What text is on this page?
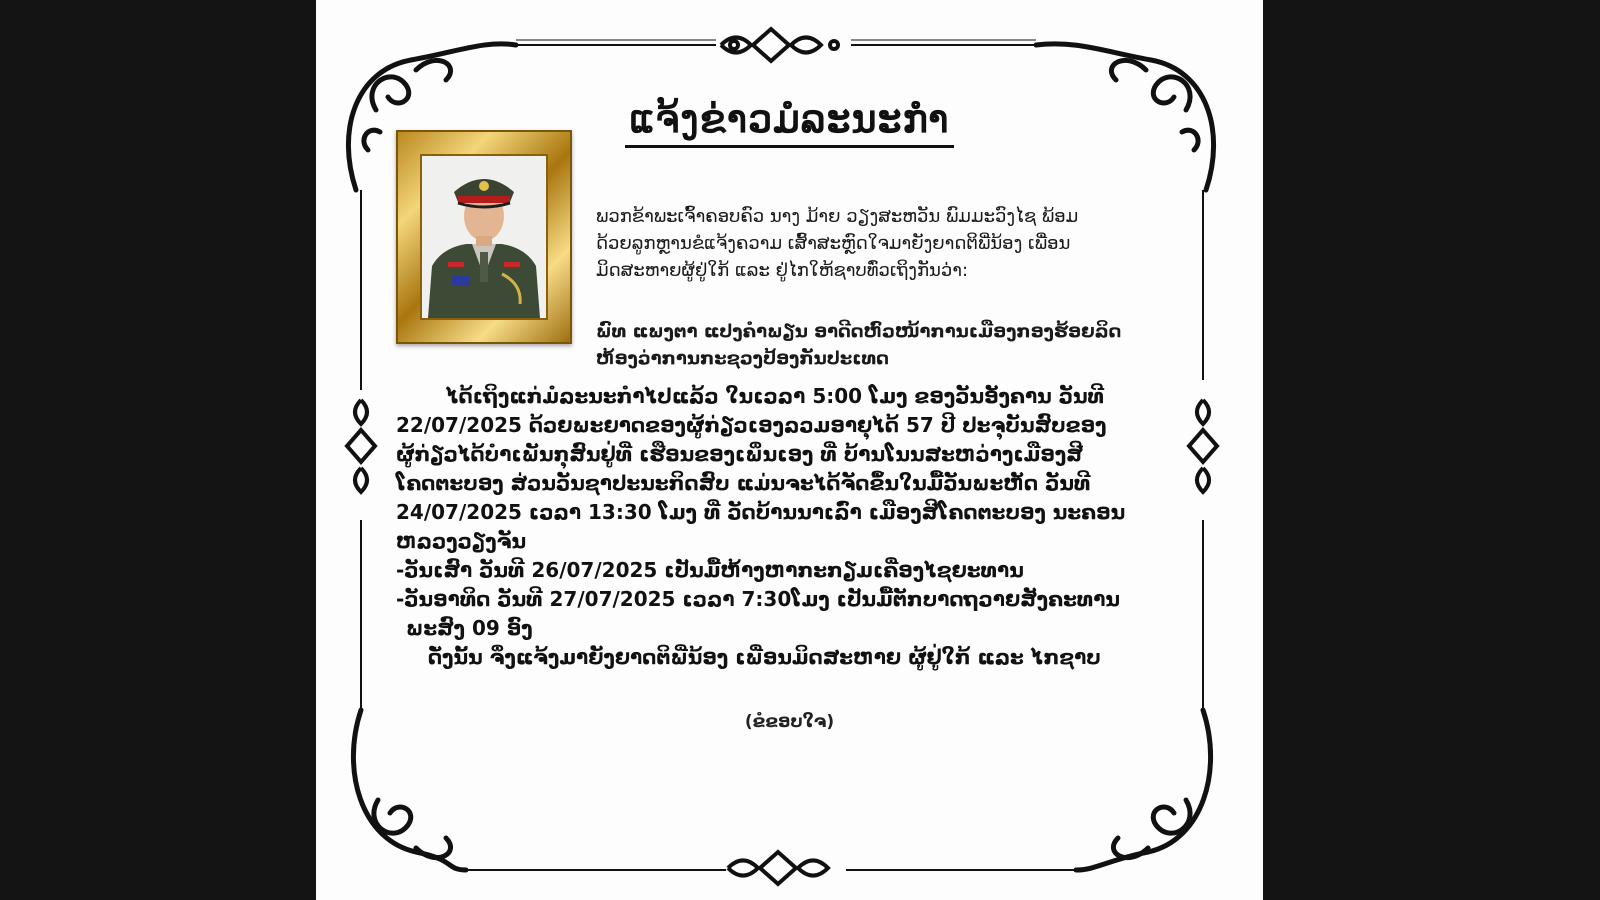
ແຈ້ງຂ່າວມໍລະນະກຳ
ພວກຂ້າພະເຈົ້າຄອບຄົວ ນາງ ມ້າຍ ວຽງສະຫວັນ ພົມມະວົງໄຊ ພ້ອມ
ດ້ວຍລູກຫຼານຂໍແຈ້ງຄວາມ ເສົ້າສະຫຼົດໃຈມາຍັງຍາດຕິພີ່ນ້ອງ ເພື່ອນ
ມິດສະຫາຍຜູ້ຢູ່ໃກ້ ແລະ ຢູ່ໄກໃຫ້ຊາບທົ່ວເຖິງກັນວ່າ:
ພົທ ແພງຕາ ແປງຄຳພຽນ ອາດີດຫົວໜ້າການເມືອງກອງຮ້ອຍລິດ
ຫ້ອງວ່າການກະຊວງປ້ອງກັນປະເທດ
ໄດ້ເຖິງແກ່ມໍລະນະກຳໄປແລ້ວ ໃນເວລາ 5:00 ໂມງ ຂອງວັນອັງຄານ ວັນທີ
22/07/2025 ດ້ວຍພະຍາດຂອງຜູ້ກ່ຽວເອງລວມອາຍຸໄດ້ 57 ປີ ປະຈຸບັນສົບຂອງ
ຜູ້ກ່ຽວໄດ້ບຳເພັນກຸສົນຢູ່ທີ່ ເຮືອນຂອງເພິ່ນເອງ ທີ່ ບ້ານໂນນສະຫວ່າງເມືອງສີ
ໂຄດຕະບອງ ສ່ວນວັນຊາປະນະກິດສົບ ແມ່ນຈະໄດ້ຈັດຂຶ້ນໃນມື້ວັນພະຫັດ ວັນທີ
24/07/2025 ເວລາ 13:30 ໂມງ ທີ່ ວັດບ້ານນາເລົ່າ ເມືອງສີໂຄດຕະບອງ ນະຄອນ
ຫລວງວຽງຈັນ
-ວັນເສົາ ວັນທີ 26/07/2025 ເປັນມື້ຫ້າງຫາກະກຽມເຄື່ອງໄຊຍະທານ
-ວັນອາທິດ ວັນທີ 27/07/2025 ເວລາ 7:30ໂມງ ເປັນມື້ຕັກບາດຖວາຍສັງຄະທານ
ພະສົງ 09 ອົງ
ດັ່ງນັ້ນ ຈຶ່ງແຈ້ງມາຍັງຍາດຕິພີ່ນ້ອງ ເພື່ອນມິດສະຫາຍ ຜູ້ຢູ່ໃກ້ ແລະ ໄກຊາບ
(ຂໍຂອບໃຈ)
